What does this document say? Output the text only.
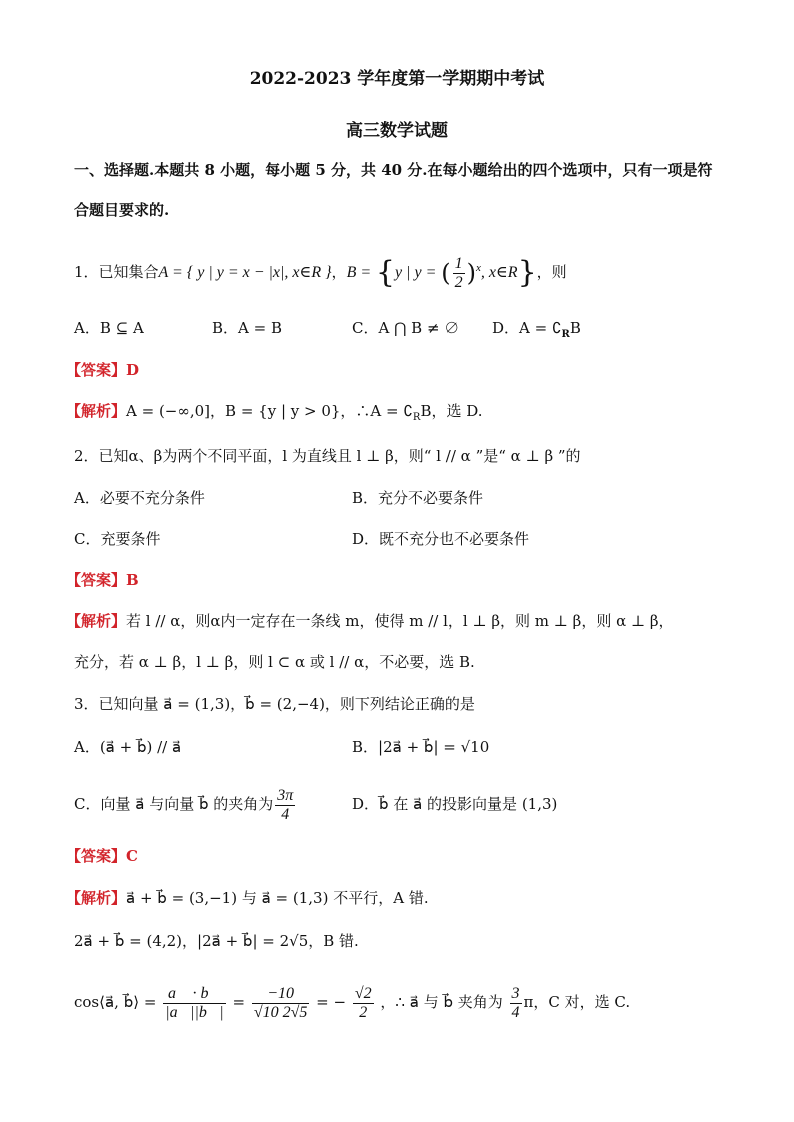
2022-2023 学年度第一学期期中考试
高三数学试题
一、选择题.本题共 8 小题，每小题 5 分，共 40 分.在每小题给出的四个选项中，只有一项是符
合题目要求的.
1．已知集合A = { y | y = x − |x|, x∈R }，B = {y | y = ( $\frac{1}{2} )^x$, x∈R}，则
A．B ⊆ A	B．A = B	C．A ⋂ B ≠ ∅ D．$A = ∁_RB$
【答案】D
【解析】A = (−∞,0]，B = {y | y > 0}，∴A = $∁_RB$，选 D.
2．已知α、β为两个不同平面，l 为直线且 l ⊥ β，则“ l // α ”是“ α ⊥ β ”的
A．必要不充分条件	B．充分不必要条件
C．充要条件	D．既不充分也不必要条件
【答案】B
【解析】若 l // α，则α内一定存在一条线 m，使得 m // l，l ⊥ β，则 m ⊥ β，则 α ⊥ β，
充分，若 α ⊥ β，l ⊥ β，则 l ⊂ α 或 l // α，不必要，选 B.
3．已知向量 a⃗ = (1,3)，b⃗ = (2,−4)，则下列结论正确的是
A．(a⃗ + b⃗) // a⃗	B．|2a⃗ + b⃗| = √10
C．向量 a⃗ 与向量 b⃗ 的夹角为 $\frac{3\pi}{4}$	D．b⃗ 在 a⃗ 的投影向量是 (1,3)
【答案】C
【解析】a⃗ + b⃗ = (3,−1) 与 a⃗ = (1,3) 不平行，A 错.
2a⃗ + b⃗ = (4,2)，|2a⃗ + b⃗| = 2√5，B 错.
cos⟨a⃗, b⃗⟩ = $\frac{a⃗ \cdot b⃗}{|a⃗||b⃗|} = \frac{-10}{√10 2√5}$ = − $\frac{√2}{2}$ ，∴ a⃗ 与 b⃗ 夹角为 $\frac{3}{4}$ π，C 对，选 C.
